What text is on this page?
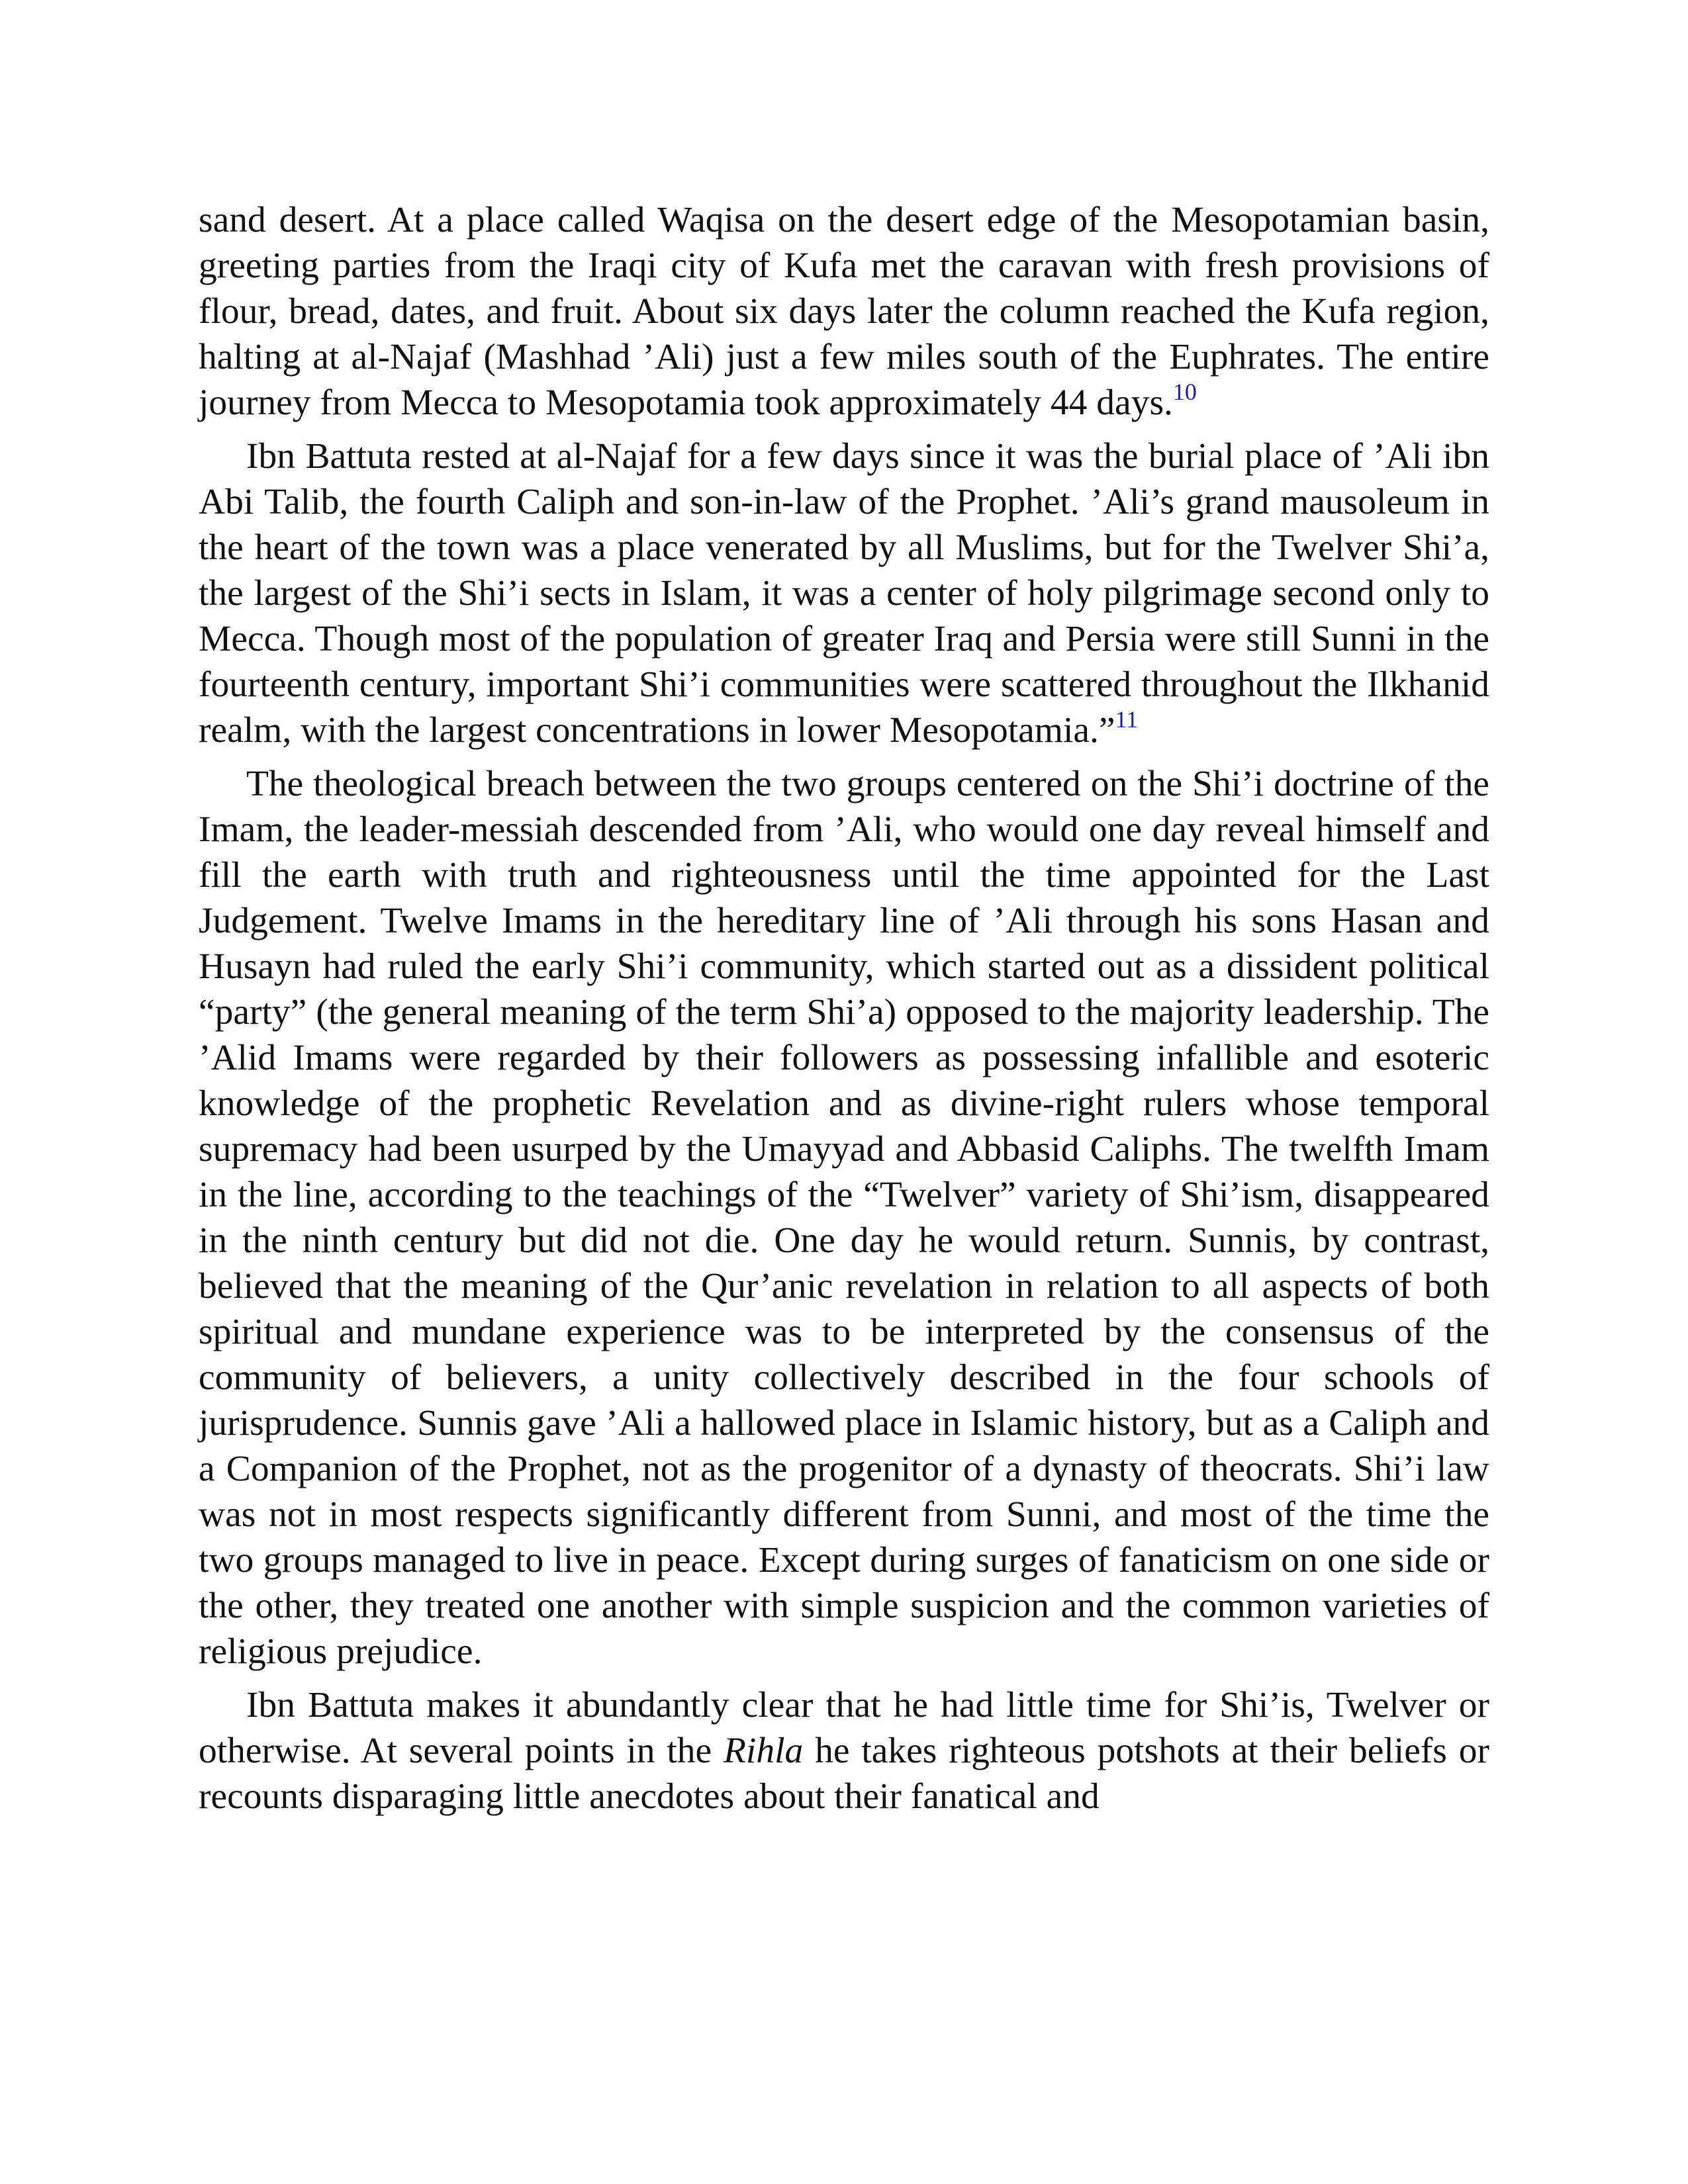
sand desert. At a place called Waqisa on the desert edge of the Mesopotamian basin, greeting parties from the Iraqi city of Kufa met the caravan with fresh provisions of flour, bread, dates, and fruit. About six days later the column reached the Kufa region, halting at al-Najaf (Mashhad ’Ali) just a few miles south of the Euphrates. The entire journey from Mecca to Mesopotamia took approximately 44 days.$^{10}$

Ibn Battuta rested at al-Najaf for a few days since it was the burial place of ’Ali ibn Abi Talib, the fourth Caliph and son-in-law of the Prophet. ’Ali’s grand mausoleum in the heart of the town was a place venerated by all Muslims, but for the Twelver Shi’a, the largest of the Shi’i sects in Islam, it was a center of holy pilgrimage second only to Mecca. Though most of the population of greater Iraq and Persia were still Sunni in the fourteenth century, important Shi’i communities were scattered throughout the Ilkhanid realm, with the largest concentrations in lower Mesopotamia.”$^{11}$

The theological breach between the two groups centered on the Shi’i doctrine of the Imam, the leader-messiah descended from ’Ali, who would one day reveal himself and fill the earth with truth and righteousness until the time appointed for the Last Judgement. Twelve Imams in the hereditary line of ’Ali through his sons Hasan and Husayn had ruled the early Shi’i community, which started out as a dissident political “party” (the general meaning of the term Shi’a) opposed to the majority leadership. The ’Alid Imams were regarded by their followers as possessing infallible and esoteric knowledge of the prophetic Revelation and as divine-right rulers whose temporal supremacy had been usurped by the Umayyad and Abbasid Caliphs. The twelfth Imam in the line, according to the teachings of the “Twelver” variety of Shi’ism, disappeared in the ninth century but did not die. One day he would return. Sunnis, by contrast, believed that the meaning of the Qur’anic revelation in relation to all aspects of both spiritual and mundane experience was to be interpreted by the consensus of the community of believers, a unity collectively described in the four schools of jurisprudence. Sunnis gave ’Ali a hallowed place in Islamic history, but as a Caliph and a Companion of the Prophet, not as the progenitor of a dynasty of theocrats. Shi’i law was not in most respects significantly different from Sunni, and most of the time the two groups managed to live in peace. Except during surges of fanaticism on one side or the other, they treated one another with simple suspicion and the common varieties of religious prejudice.

Ibn Battuta makes it abundantly clear that he had little time for Shi’is, Twelver or otherwise. At several points in the Rihla he takes righteous potshots at their beliefs or recounts disparaging little anecdotes about their fanatical and
